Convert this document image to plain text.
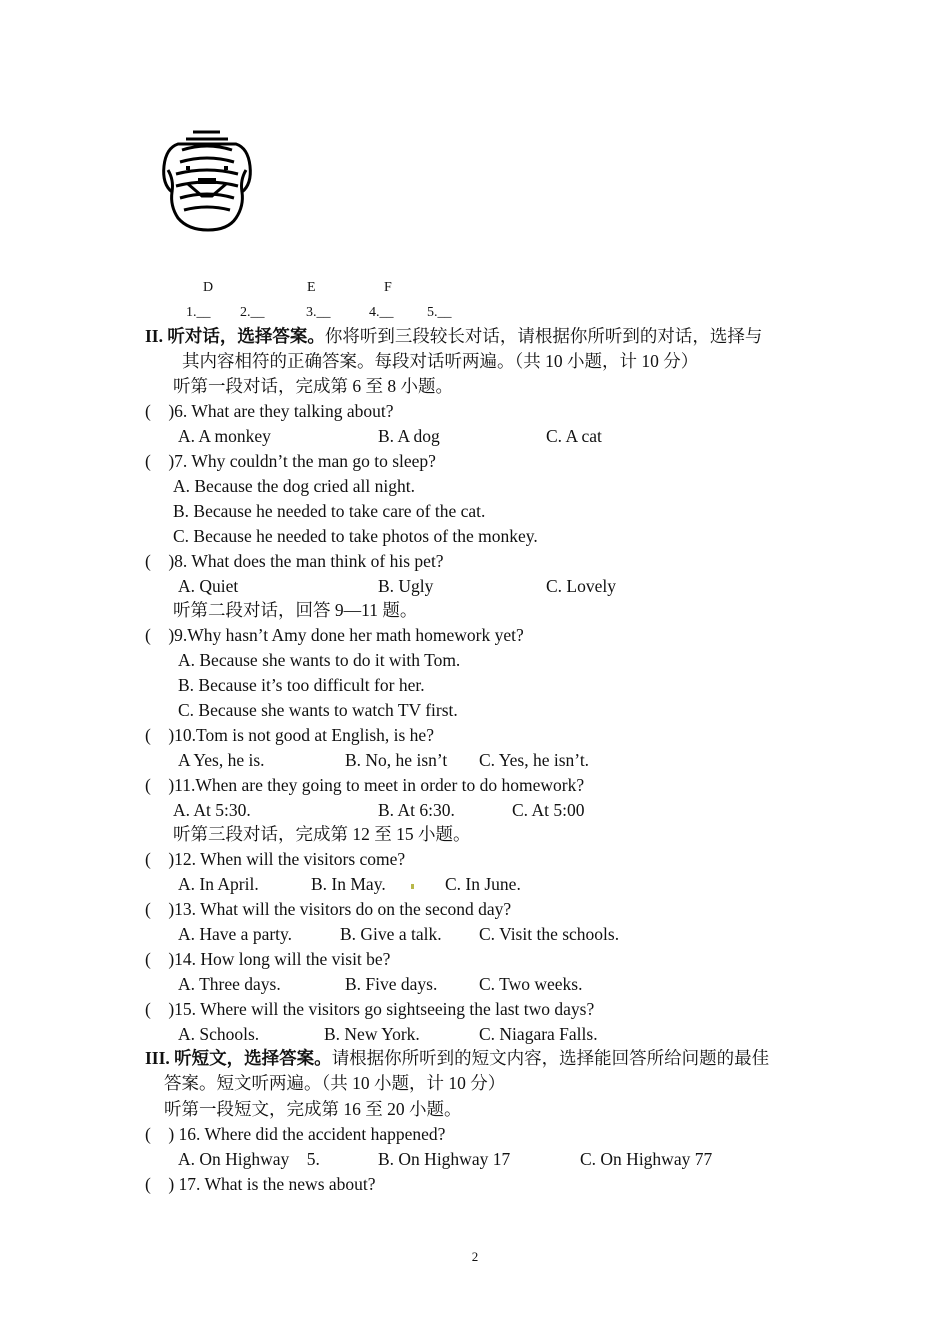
D	E	F
1.__ 2.__	3.__	4.__ 5.__
II. 听对话，选择答案。你将听到三段较长对话，请根据你所听到的对话，选择与
其内容相符的正确答案。每段对话听两遍。（共 10 小题，计 10 分）
听第一段对话，完成第 6 至 8 小题。
(    )6. What are they talking about?
A. A monkey	B. A dog	C. A cat
(    )7. Why couldn’t the man go to sleep?
A. Because the dog cried all night.
B. Because he needed to take care of the cat.
C. Because he needed to take photos of the monkey.
(    )8. What does the man think of his pet?
A. Quiet	B. Ugly	C. Lovely
听第二段对话，回答 9—11 题。
(    )9.Why hasn’t Amy done her math homework yet?
A. Because she wants to do it with Tom.
B. Because it’s too difficult for her.
C. Because she wants to watch TV first.
(    )10.Tom is not good at English, is he?
A Yes, he is.	B. No, he isn’t C. Yes, he isn’t.
(    )11.When are they going to meet in order to do homework?
A. At 5:30.	B. At 6:30.	C. At 5:00
听第三段对话，完成第 12 至 15 小题。
(    )12. When will the visitors come?
A. In April.	B. In May.	C. In June.
(    )13. What will the visitors do on the second day?
A. Have a party.	B. Give a talk. C. Visit the schools.
(    )14. How long will the visit be?
A. Three days.	B. Five days. C. Two weeks.
(    )15. Where will the visitors go sightseeing the last two days?
A. Schools.	B. New York.	C. Niagara Falls.
III. 听短文，选择答案。请根据你所听到的短文内容，选择能回答所给问题的最佳
答案。短文听两遍。（共 10 小题，计 10 分）
听第一段短文，完成第 16 至 20 小题。
(    ) 16. Where did the accident happened?
A. On Highway    5.	B. On Highway 17	C. On Highway 77
(    ) 17. What is the news about?
2
